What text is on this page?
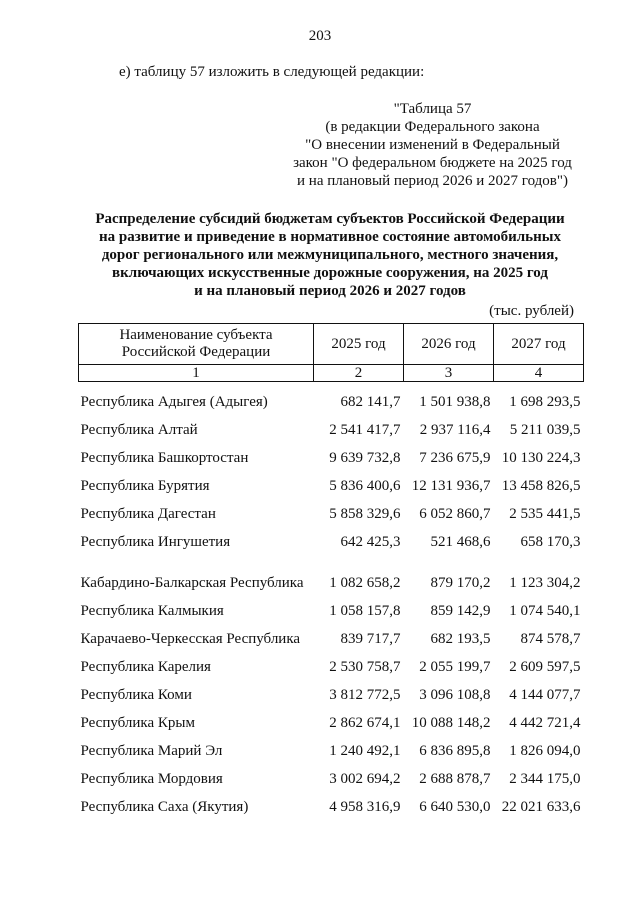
203
е) таблицу 57 изложить в следующей редакции:
"Таблица 57
(в редакции Федерального закона
"О внесении изменений в Федеральный
закон "О федеральном бюджете на 2025 год
и на плановый период 2026 и 2027 годов")
Распределение субсидий бюджетам субъектов Российской Федерации
на развитие и приведение в нормативное состояние автомобильных
дорог регионального или межмуниципального, местного значения,
включающих искусственные дорожные сооружения, на 2025 год
и на плановый период 2026 и 2027 годов
(тыс. рублей)
Наименование субъекта Российской Федерации	2025 год	2026 год	2027 год
1	2	3	4
Республика Адыгея (Адыгея)	682 141,7	1 501 938,8	1 698 293,5
Республика Алтай	2 541 417,7	2 937 116,4	5 211 039,5
Республика Башкортостан	9 639 732,8	7 236 675,9	10 130 224,3
Республика Бурятия	5 836 400,6	12 131 936,7	13 458 826,5
Республика Дагестан	5 858 329,6	6 052 860,7	2 535 441,5
Республика Ингушетия	642 425,3	521 468,6	658 170,3
Кабардино-Балкарская Республика	1 082 658,2	879 170,2	1 123 304,2
Республика Калмыкия	1 058 157,8	859 142,9	1 074 540,1
Карачаево-Черкесская Республика	839 717,7	682 193,5	874 578,7
Республика Карелия	2 530 758,7	2 055 199,7	2 609 597,5
Республика Коми	3 812 772,5	3 096 108,8	4 144 077,7
Республика Крым	2 862 674,1	10 088 148,2	4 442 721,4
Республика Марий Эл	1 240 492,1	6 836 895,8	1 826 094,0
Республика Мордовия	3 002 694,2	2 688 878,7	2 344 175,0
Республика Саха (Якутия)	4 958 316,9	6 640 530,0	22 021 633,6
